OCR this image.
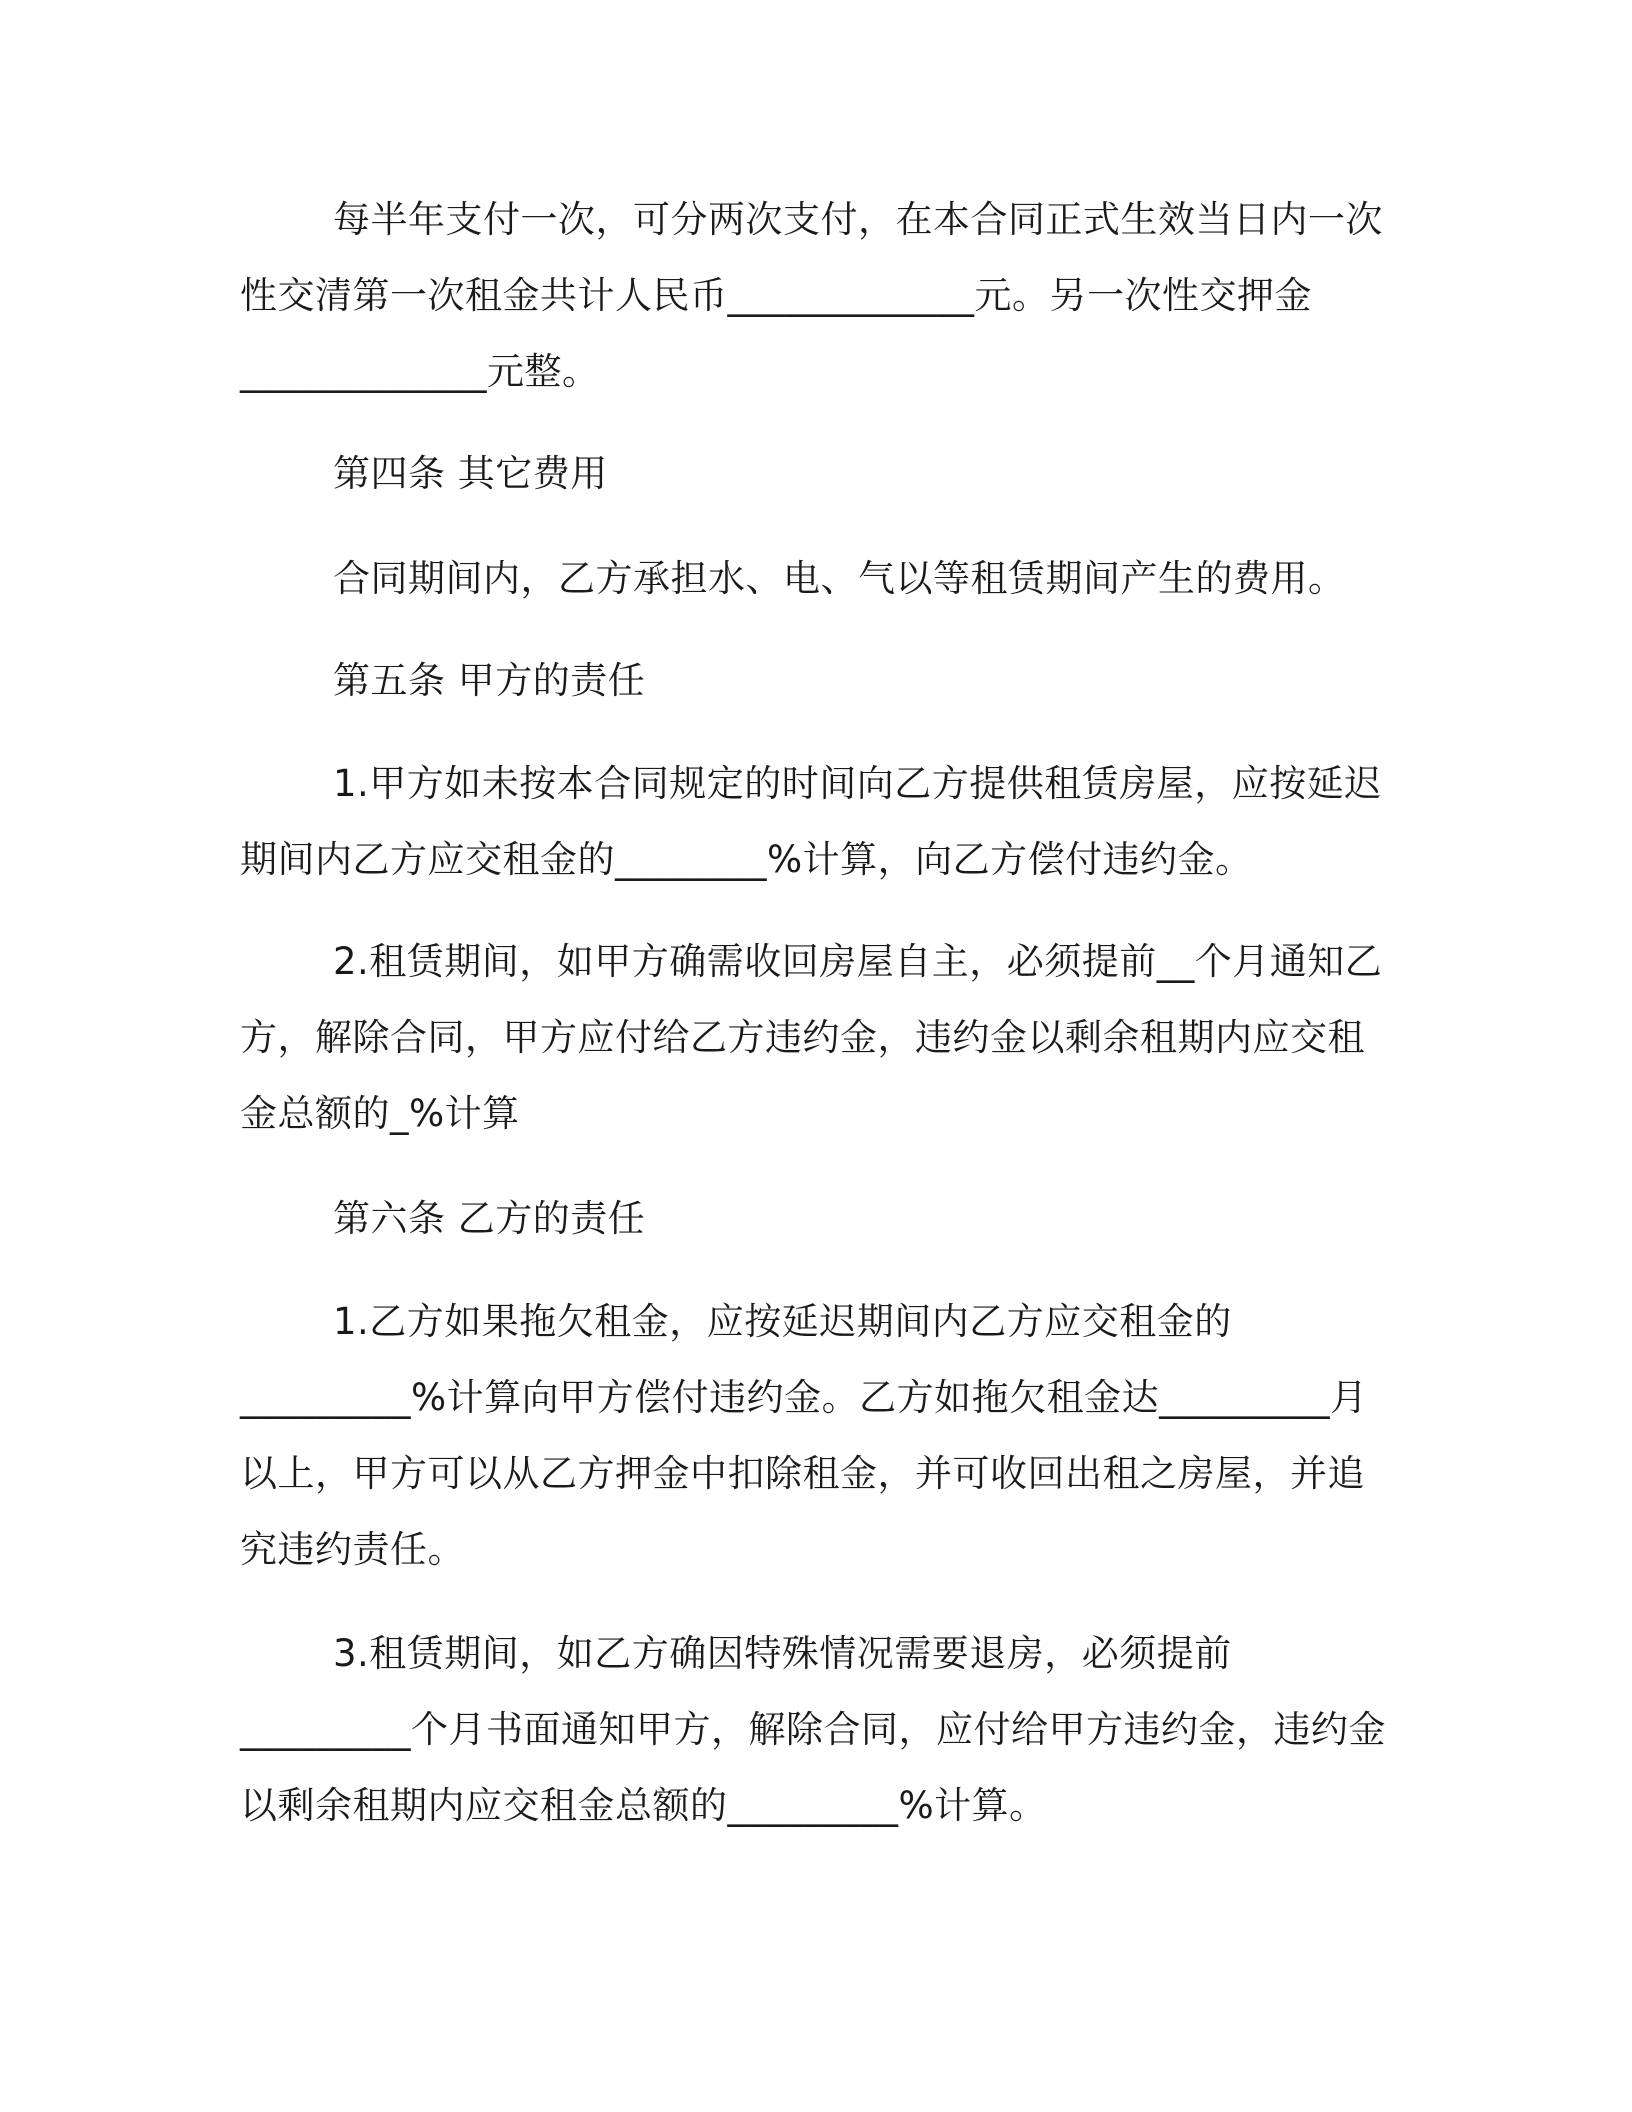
每半年支付一次，可分两次支付，在本合同正式生效当日内一次
性交清第一次租金共计人民币_____________元。另一次性交押金
_____________元整。
第四条 其它费用
合同期间内，乙方承担水、电、气以等租赁期间产生的费用。
第五条 甲方的责任
1.甲方如未按本合同规定的时间向乙方提供租赁房屋，应按延迟
期间内乙方应交租金的________%计算，向乙方偿付违约金。
2.租赁期间，如甲方确需收回房屋自主，必须提前__个月通知乙
方，解除合同，甲方应付给乙方违约金，违约金以剩余租期内应交租
金总额的_%计算
第六条 乙方的责任
1.乙方如果拖欠租金，应按延迟期间内乙方应交租金的
_________%计算向甲方偿付违约金。乙方如拖欠租金达_________月
以上，甲方可以从乙方押金中扣除租金，并可收回出租之房屋，并追
究违约责任。
3.租赁期间，如乙方确因特殊情况需要退房，必须提前
_________个月书面通知甲方，解除合同，应付给甲方违约金，违约金
以剩余租期内应交租金总额的_________%计算。
